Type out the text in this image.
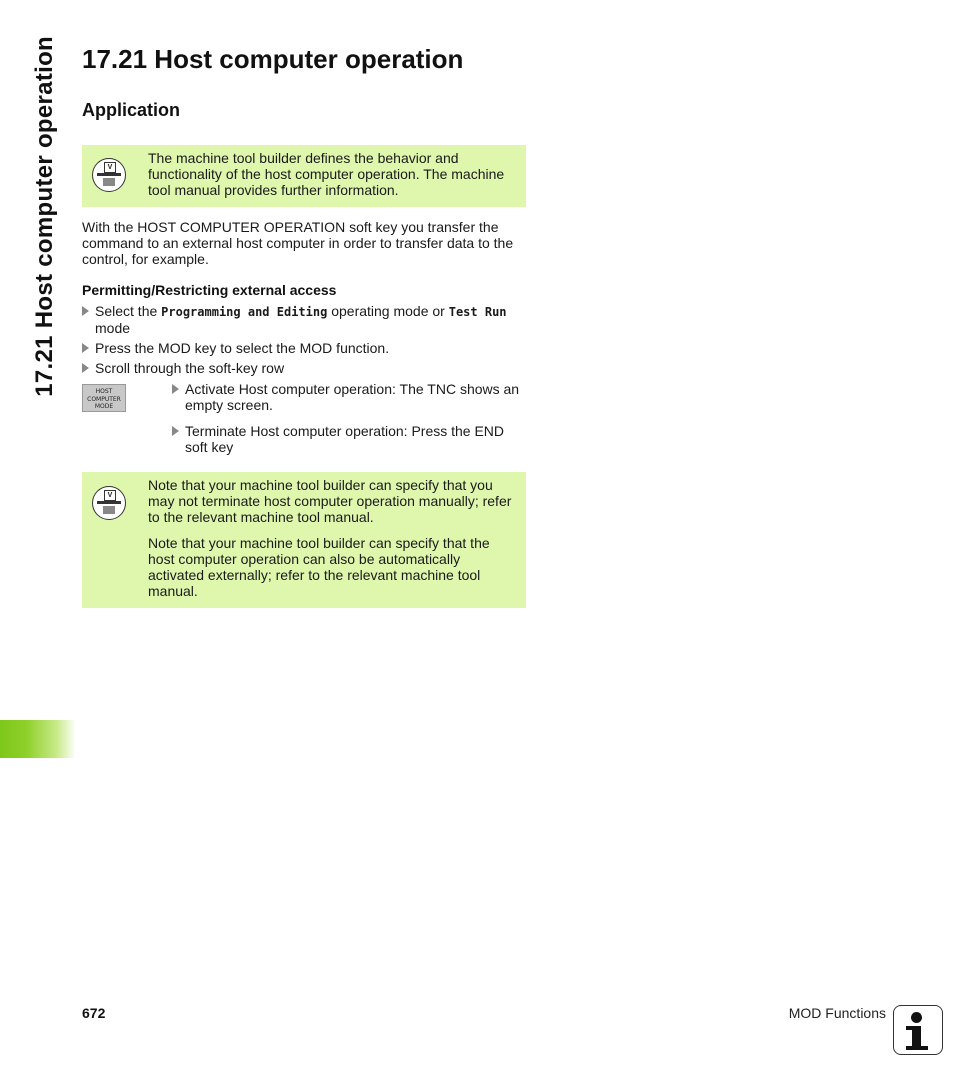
17.21 Host computer operation 17.21 Host computer operation
Application
V

The machine tool builder defines the behavior and functionality of the host computer operation. The machine tool manual provides further information.

With the HOST COMPUTER OPERATION soft key you transfer the command to an external host computer in order to transfer data to the control, for example.
Permitting/Restricting external access
Select the Programming and Editing operating mode or Test Run
mode
Press the MOD key to select the MOD function.
Scroll through the soft-key row
HOST
COMPUTER
MODE
Activate Host computer operation: The TNC shows an empty screen.
Terminate Host computer operation: Press the END soft key
V

Note that your machine tool builder can specify that you may not terminate host computer operation manually; refer to the relevant machine tool manual.

Note that your machine tool builder can specify that the host computer operation can also be automatically activated externally; refer to the relevant machine tool manual.

672	MOD Functions
